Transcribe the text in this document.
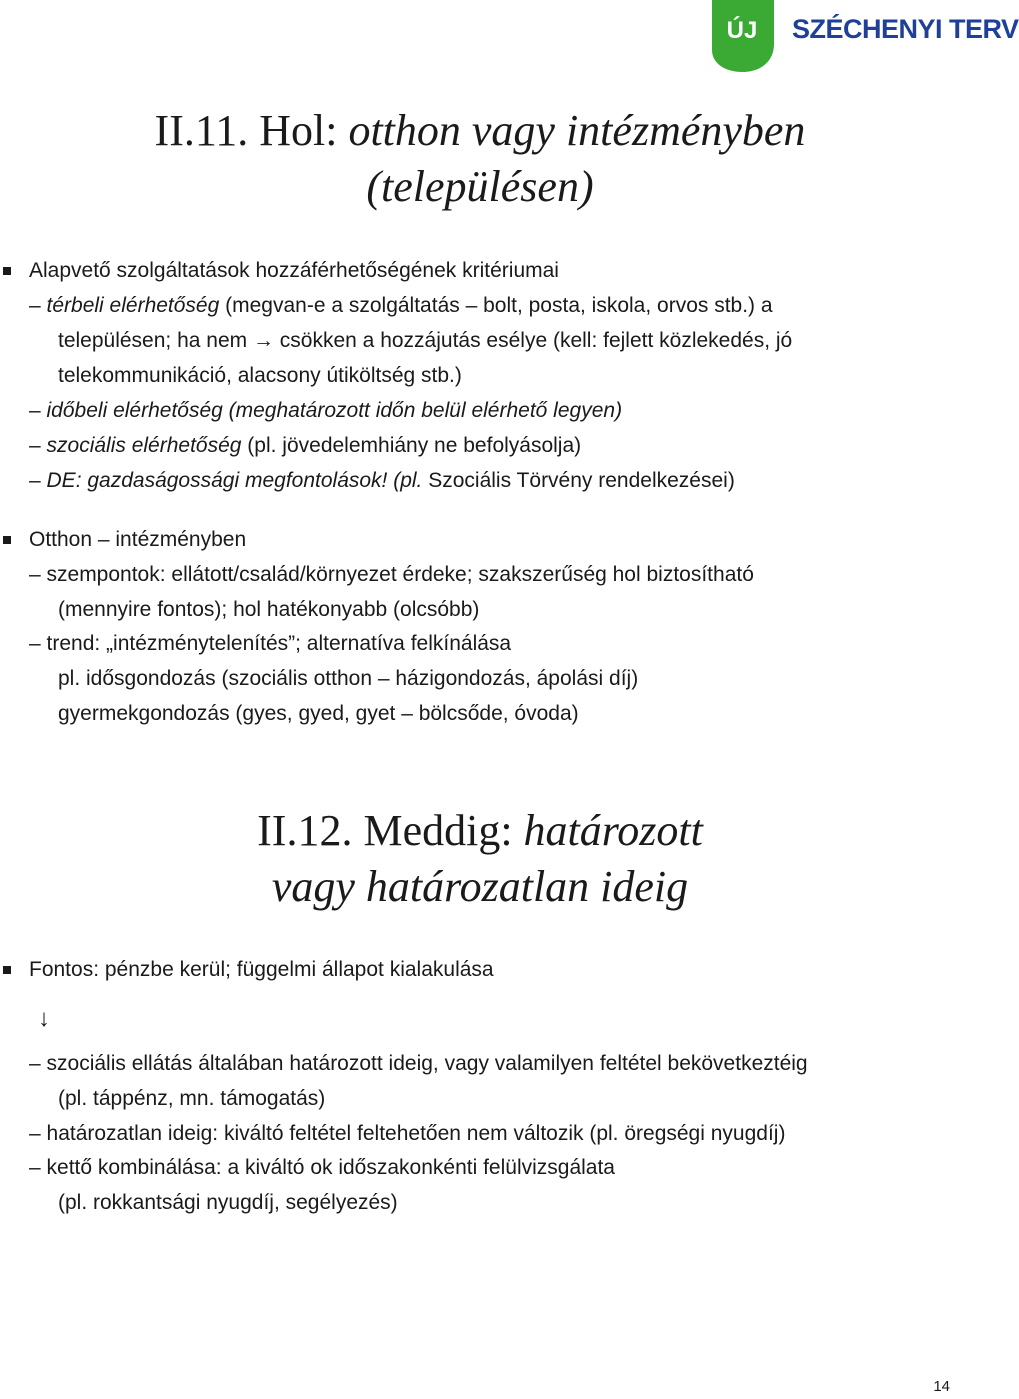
ÚJ SZÉCHENYI TERV
II.11. Hol: otthon vagy intézményben
(településen)
Alapvető szolgáltatások hozzáférhetőségének kritériumai
– térbeli elérhetőség (megvan-e a szolgáltatás – bolt, posta, iskola, orvos stb.) a
településen; ha nem → csökken a hozzájutás esélye (kell: fejlett közlekedés, jó
telekommunikáció, alacsony útiköltség stb.)
– időbeli elérhetőség (meghatározott időn belül elérhető legyen)
– szociális elérhetőség (pl. jövedelemhiány ne befolyásolja)
– DE: gazdaságossági megfontolások! (pl. Szociális Törvény rendelkezései)
Otthon – intézményben
– szempontok: ellátott/család/környezet érdeke; szakszerűség hol biztosítható
(mennyire fontos); hol hatékonyabb (olcsóbb)
– trend: „intézménytelenítés”; alternatíva felkínálása
pl. idősgondozás (szociális otthon – házigondozás, ápolási díj)
gyermekgondozás (gyes, gyed, gyet – bölcsőde, óvoda)
II.12. Meddig: határozott
vagy határozatlan ideig
Fontos: pénzbe kerül; függelmi állapot kialakulása
↓
– szociális ellátás általában határozott ideig, vagy valamilyen feltétel bekövetkeztéig
(pl. táppénz, mn. támogatás)
– határozatlan ideig: kiváltó feltétel feltehetően nem változik (pl. öregségi nyugdíj)
– kettő kombinálása: a kiváltó ok időszakonkénti felülvizsgálata
(pl. rokkantsági nyugdíj, segélyezés)
14
